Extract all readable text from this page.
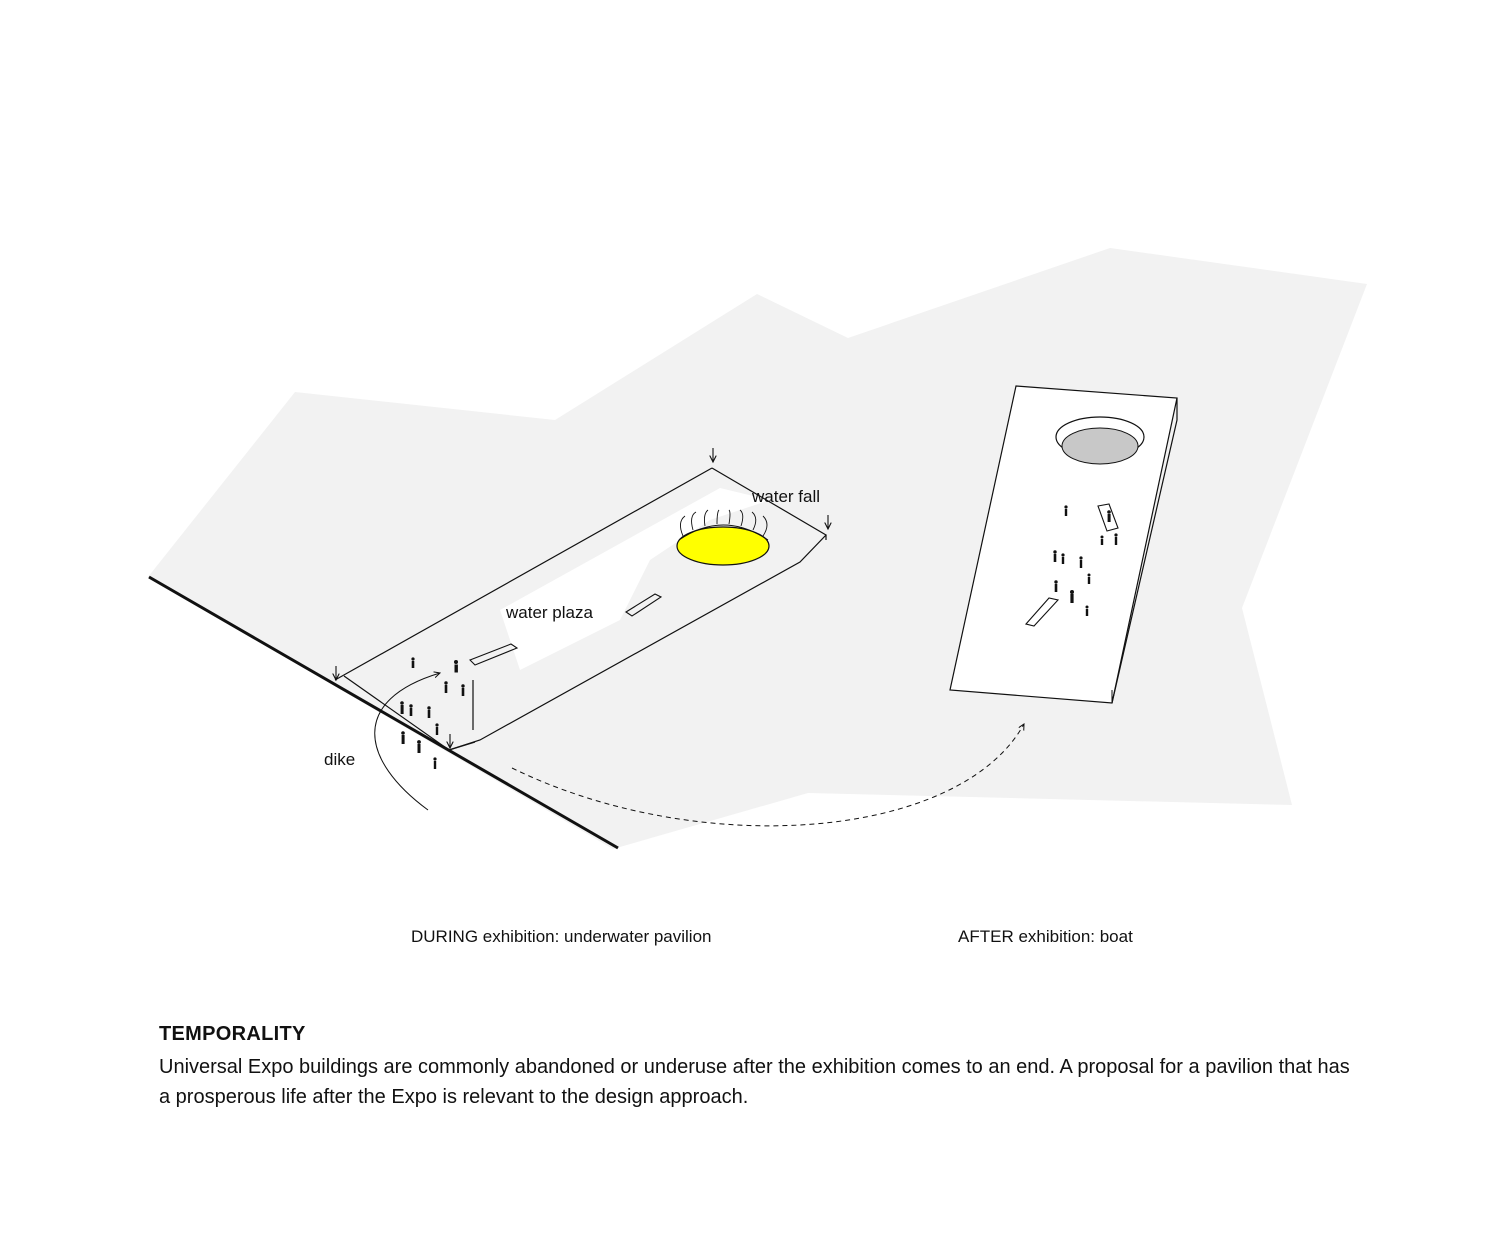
water fall
water plaza
dike
DURING exhibition: underwater pavilion	AFTER exhibition: boat
TEMPORALITY

Universal Expo buildings are commonly abandoned or underuse after the exhibition comes to an end. A proposal for a pavilion that has a prosperous life after the Expo is relevant to the design approach.
